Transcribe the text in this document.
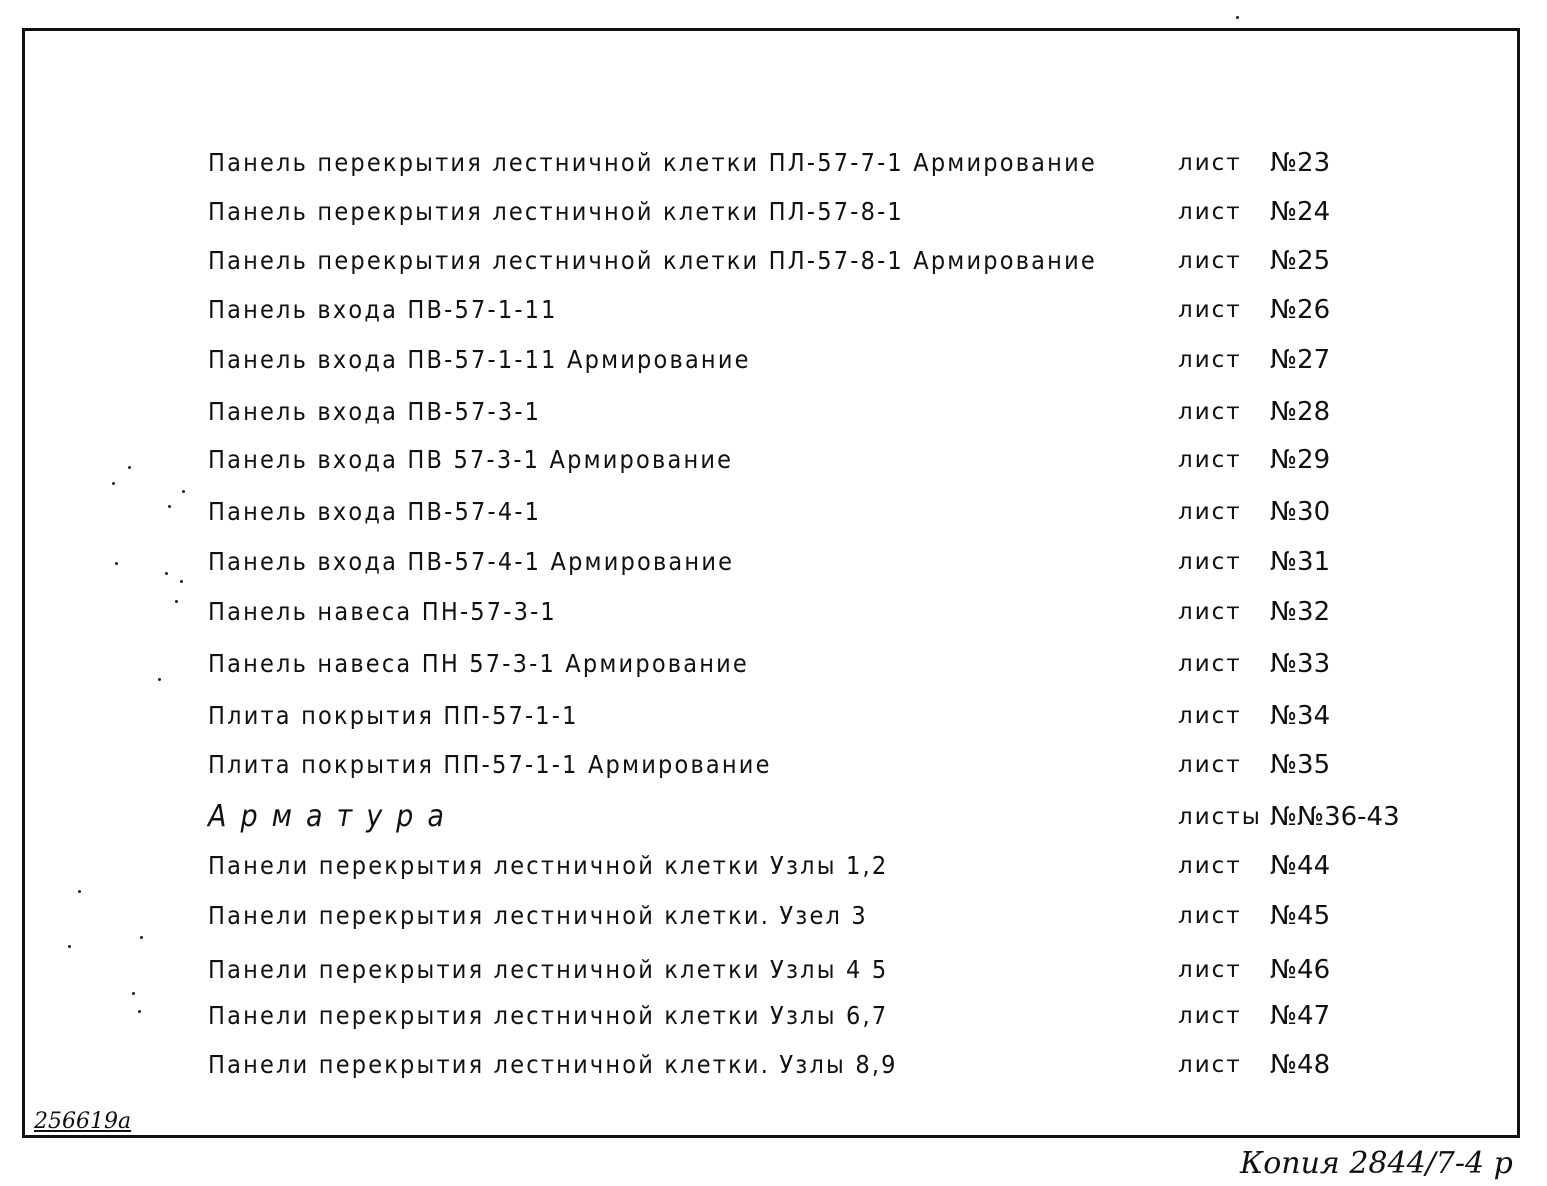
Панель перекрытия лестничной клетки ПЛ-57-7-1 Армирование	лист №23
Панель перекрытия лестничной клетки ПЛ-57-8-1	лист №24
Панель перекрытия лестничной клетки ПЛ-57-8-1 Армирование	лист №25
Панель входа ПВ-57-1-11	лист №26
Панель входа ПВ-57-1-11 Армирование	лист №27
Панель входа ПВ-57-3-1	лист №28
Панель входа ПВ 57-3-1 Армирование	лист №29
Панель входа ПВ-57-4-1	лист №30
Панель входа ПВ-57-4-1 Армирование	лист №31
Панель навеса ПН-57-3-1	лист №32
Панель навеса ПН 57-3-1 Армирование	лист №33
Плита покрытия ПП-57-1-1	лист №34
Плита покрытия ПП-57-1-1 Армирование	лист №35
Арматура	листы №№36-43
Панели перекрытия лестничной клетки Узлы 1,2	лист №44
Панели перекрытия лестничной клетки. Узел 3	лист №45
Панели перекрытия лестничной клетки Узлы 4 5	лист №46
Панели перекрытия лестничной клетки Узлы 6,7	лист №47
Панели перекрытия лестничной клетки. Узлы 8,9	лист №48
256619а
Копия 2844/7-4 р
